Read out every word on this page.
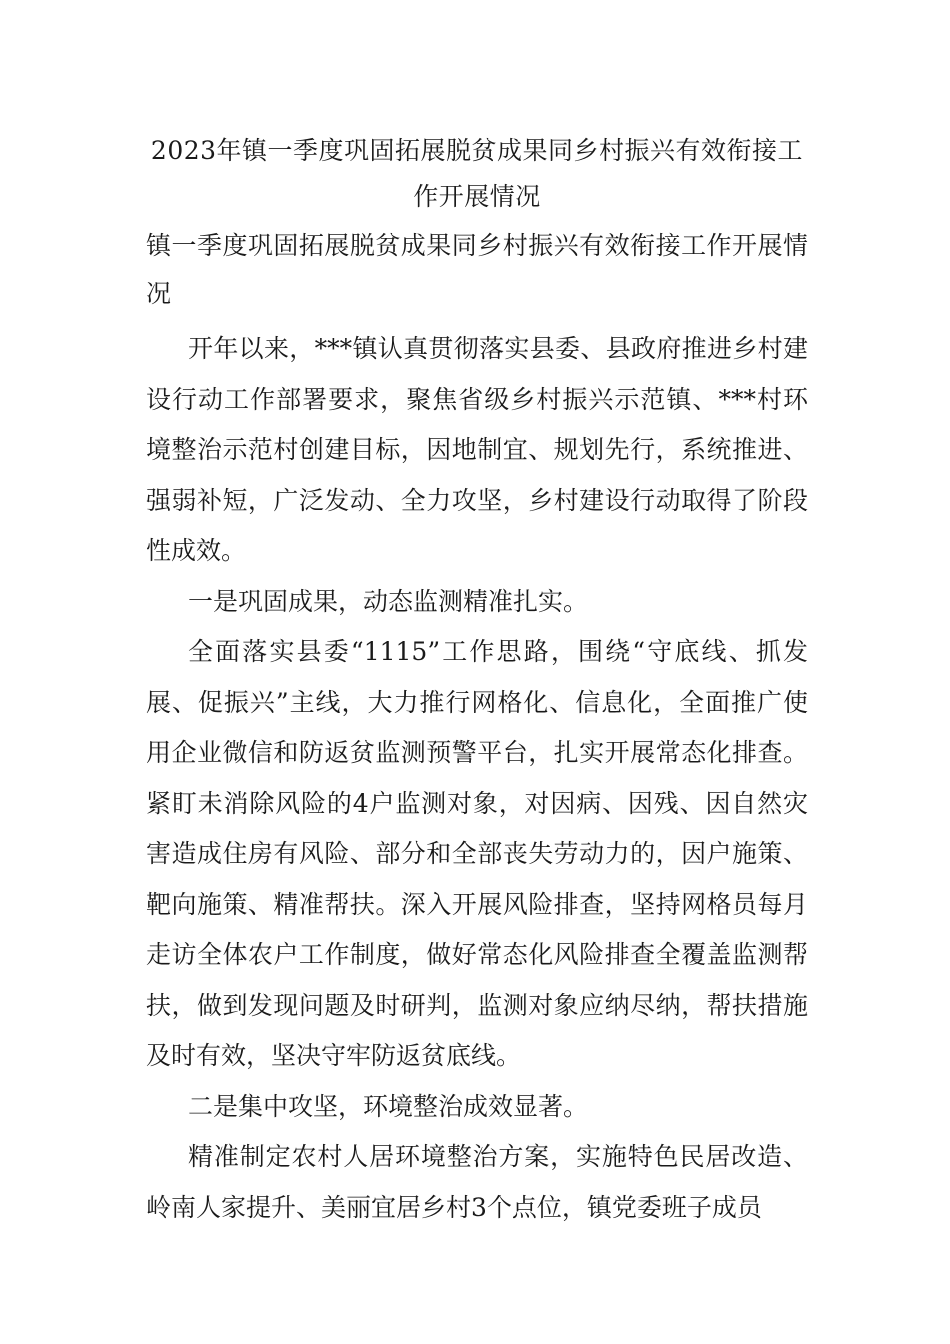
2023年镇一季度巩固拓展脱贫成果同乡村振兴有效衔接工作开展情况

镇一季度巩固拓展脱贫成果同乡村振兴有效衔接工作开展情况

开年以来，***镇认真贯彻落实县委、县政府推进乡村建设行动工作部署要求，聚焦省级乡村振兴示范镇、***村环境整治示范村创建目标，因地制宜、规划先行，系统推进、强弱补短，广泛发动、全力攻坚，乡村建设行动取得了阶段性成效。

一是巩固成果，动态监测精准扎实。

全面落实县委“1115”工作思路，围绕“守底线、抓发展、促振兴”主线，大力推行网格化、信息化，全面推广使用企业微信和防返贫监测预警平台，扎实开展常态化排查。紧盯未消除风险的4户监测对象，对因病、因残、因自然灾害造成住房有风险、部分和全部丧失劳动力的，因户施策、靶向施策、精准帮扶。深入开展风险排查，坚持网格员每月走访全体农户工作制度，做好常态化风险排查全覆盖监测帮扶，做到发现问题及时研判，监测对象应纳尽纳，帮扶措施及时有效，坚决守牢防返贫底线。

二是集中攻坚，环境整治成效显著。

精准制定农村人居环境整治方案，实施特色民居改造、岭南人家提升、美丽宜居乡村3个点位，镇党委班子成员
